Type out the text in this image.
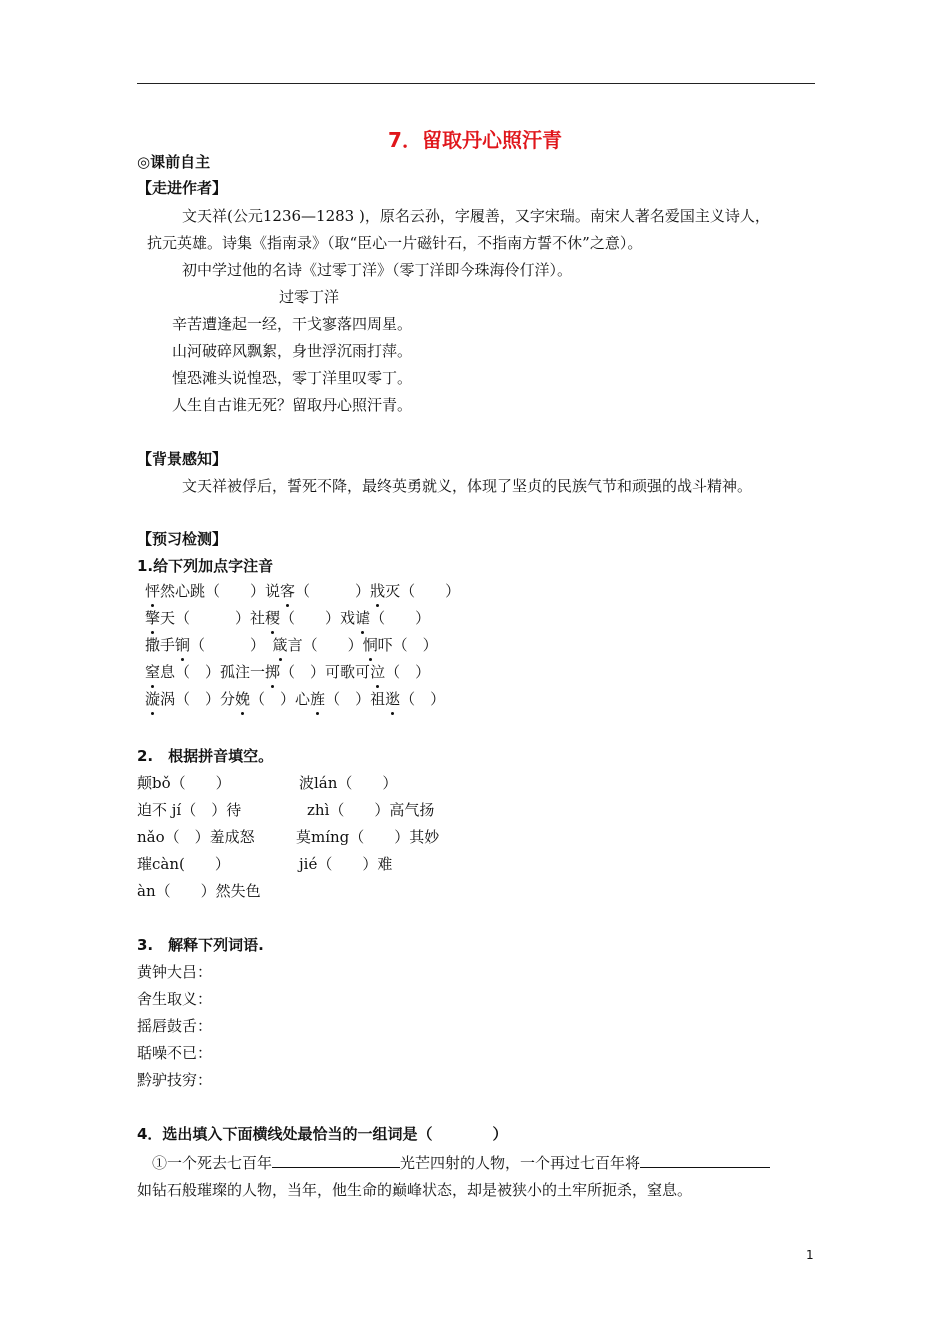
7．留取丹心照汗青
◎课前自主
【走进作者】
文天祥(公元1236—1283 )，原名云孙，字履善，又字宋瑞。南宋人著名爱国主义诗人，
抗元英雄。诗集《指南录》（取“臣心一片磁针石，不指南方誓不休”之意）。
初中学过他的名诗《过零丁洋》（零丁洋即今珠海伶仃洋）。
过零丁洋
辛苦遭逢起一经，干戈寥落四周星。
山河破碎风飘絮，身世浮沉雨打萍。
惶恐滩头说惶恐，零丁洋里叹零丁。
人生自古谁无死？留取丹心照汗青。
【背景感知】
文天祥被俘后，誓死不降，最终英勇就义，体现了坚贞的民族气节和顽强的战斗精神。
【预习检测】
1.给下列加点字注音
怦然心跳（　　）说客（　　　）戕灭（　　）
擎天（　　　）社稷（　　）戏谑（　　）
撒手锏（　　　）　箴言（　　）恫吓（　）
窒息（　）孤注一掷（　）可歌可泣（　）
漩涡（　）分娩（　）心旌（　）祖逖（　）
2.　根据拼音填空。
颠bǒ（　　）	波lán（　　）
迫不 jí（　）待	zhì（　　）高气扬
nǎo（　）羞成怒	莫míng（　　）其妙
璀càn(　　）	jié（　　）难
àn（　　）然失色
3.　解释下列词语.
黄钟大吕：
舍生取义：
摇唇鼓舌：
聒噪不已：
黔驴技穷：
4．选出填入下面横线处最恰当的一组词是（　　　　）
①一个死去七百年	光芒四射的人物，一个再过七百年将
如钻石般璀璨的人物，当年，他生命的巅峰状态，却是被狭小的土牢所扼杀，窒息。
1
